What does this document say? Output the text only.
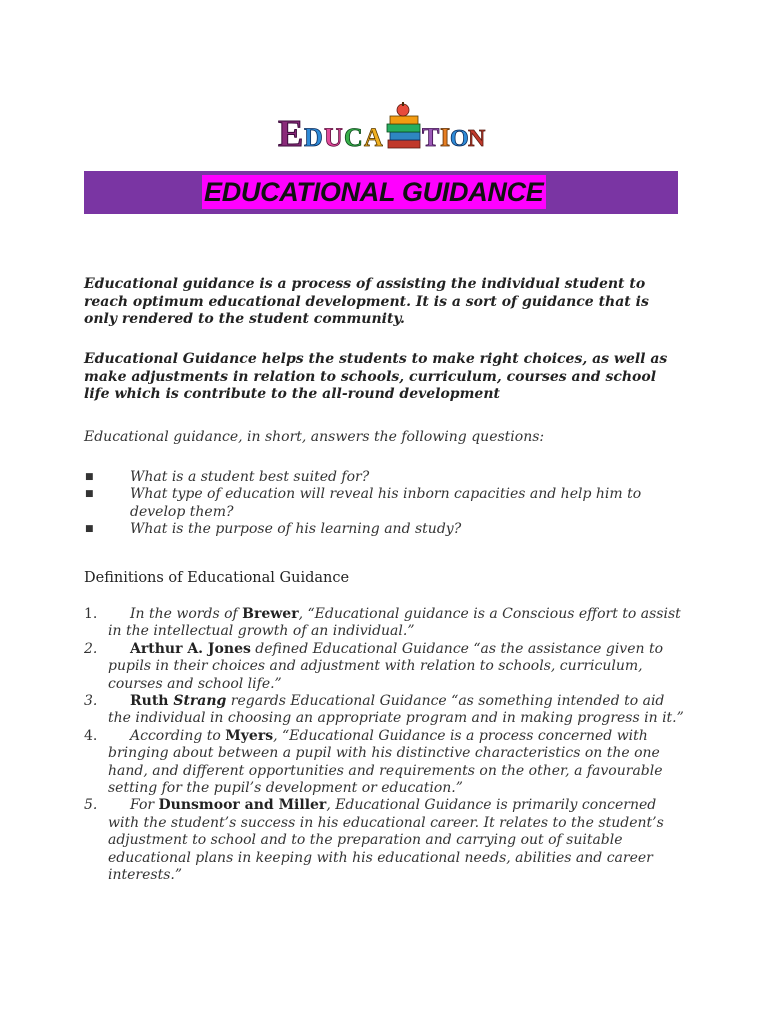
E D U C A T I O N
EDUCATIONAL GUIDANCE
Educational guidance is a process of assisting the individual student to reach optimum educational development. It is a sort of guidance that is only rendered to the student community.
Educational Guidance helps the students to make right choices, as well as make adjustments in relation to schools, curriculum, courses and school life which is contribute to the all-round development
Educational guidance, in short, answers the following questions:
■	What is a student best suited for?
■	What type of education will reveal his inborn capacities and help him to develop them?
■	What is the purpose of his learning and study?
Definitions of Educational Guidance
1. In the words of Brewer, “Educational guidance is a Conscious effort to assist in the intellectual growth of an individual.”
2. Arthur A. Jones defined Educational Guidance “as the assistance given to pupils in their choices and adjustment with relation to schools, curriculum, courses and school life.”
3. Ruth Strang regards Educational Guidance “as something intended to aid the individual in choosing an appropriate program and in making progress in it.”
4. According to Myers, “Educational Guidance is a process concerned with bringing about between a pupil with his distinctive characteristics on the one hand, and different opportunities and requirements on the other, a favourable setting for the pupil’s development or education.”
5. For Dunsmoor and Miller, Educational Guidance is primarily concerned with the student’s success in his educational career. It relates to the student’s adjustment to school and to the preparation and carrying out of suitable educational plans in keeping with his educational needs, abilities and career interests.”
